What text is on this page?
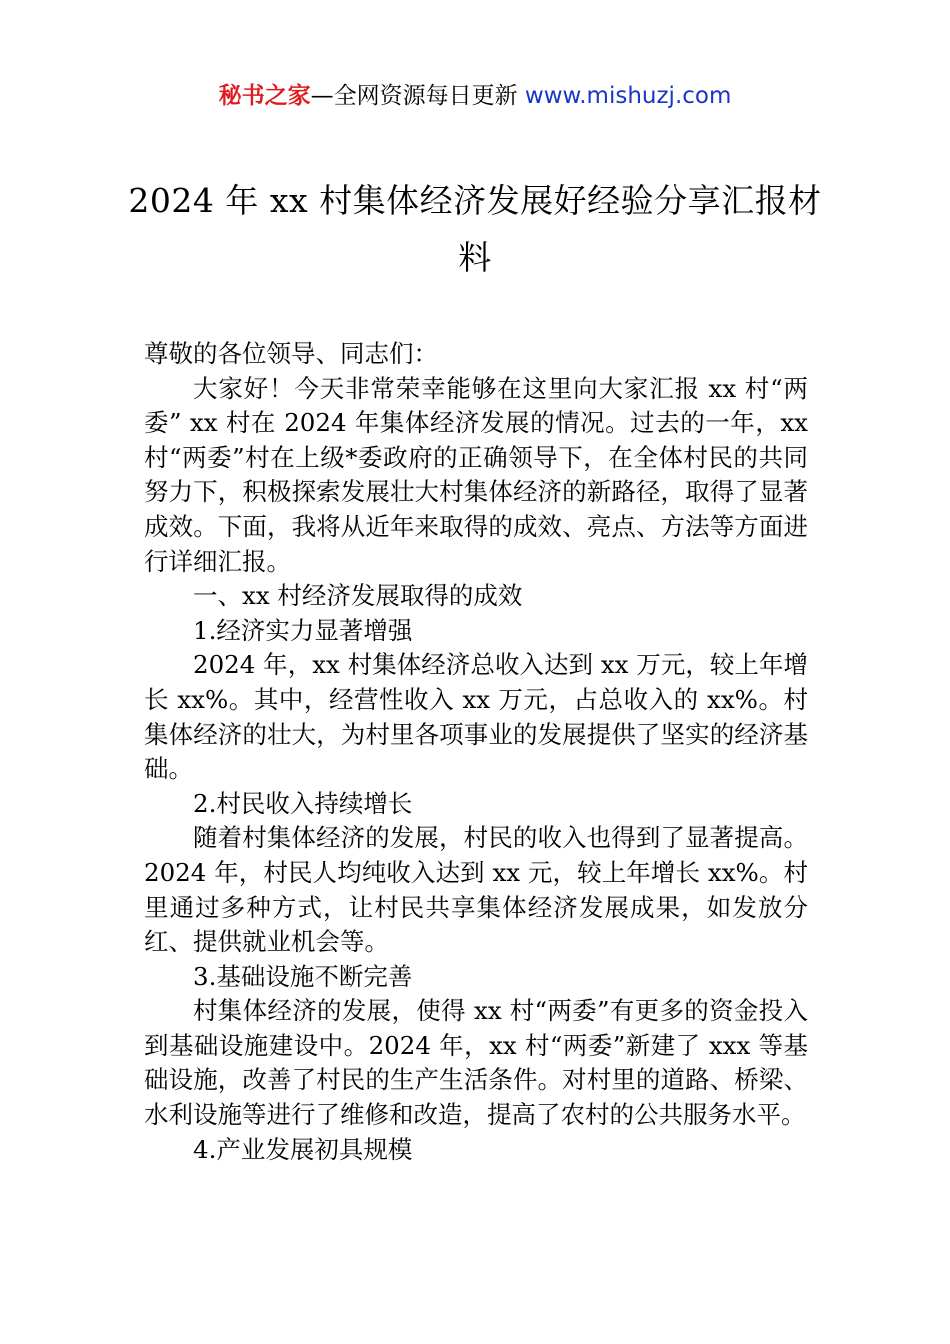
秘书之家—全网资源每日更新 www.mishuzj.com
2024 年 xx 村集体经济发展好经验分享汇报材料

尊敬的各位领导、同志们：

大家好！今天非常荣幸能够在这里向大家汇报 xx 村“两委” xx 村在 2024 年集体经济发展的情况。过去的一年，xx 村“两委”村在上级*委政府的正确领导下，在全体村民的共同努力下，积极探索发展壮大村集体经济的新路径，取得了显著成效。下面，我将从近年来取得的成效、亮点、方法等方面进行详细汇报。

一、xx 村经济发展取得的成效

1.经济实力显著增强

2024 年，xx 村集体经济总收入达到 xx 万元，较上年增长 xx%。其中，经营性收入 xx 万元，占总收入的 xx%。村集体经济的壮大，为村里各项事业的发展提供了坚实的经济基础。

2.村民收入持续增长

随着村集体经济的发展，村民的收入也得到了显著提高。2024 年，村民人均纯收入达到 xx 元，较上年增长 xx%。村里通过多种方式，让村民共享集体经济发展成果，如发放分红、提供就业机会等。

3.基础设施不断完善

村集体经济的发展，使得 xx 村“两委”有更多的资金投入到基础设施建设中。2024 年，xx 村“两委”新建了 xxx 等基础设施，改善了村民的生产生活条件。对村里的道路、桥梁、水利设施等进行了维修和改造，提高了农村的公共服务水平。

4.产业发展初具规模
